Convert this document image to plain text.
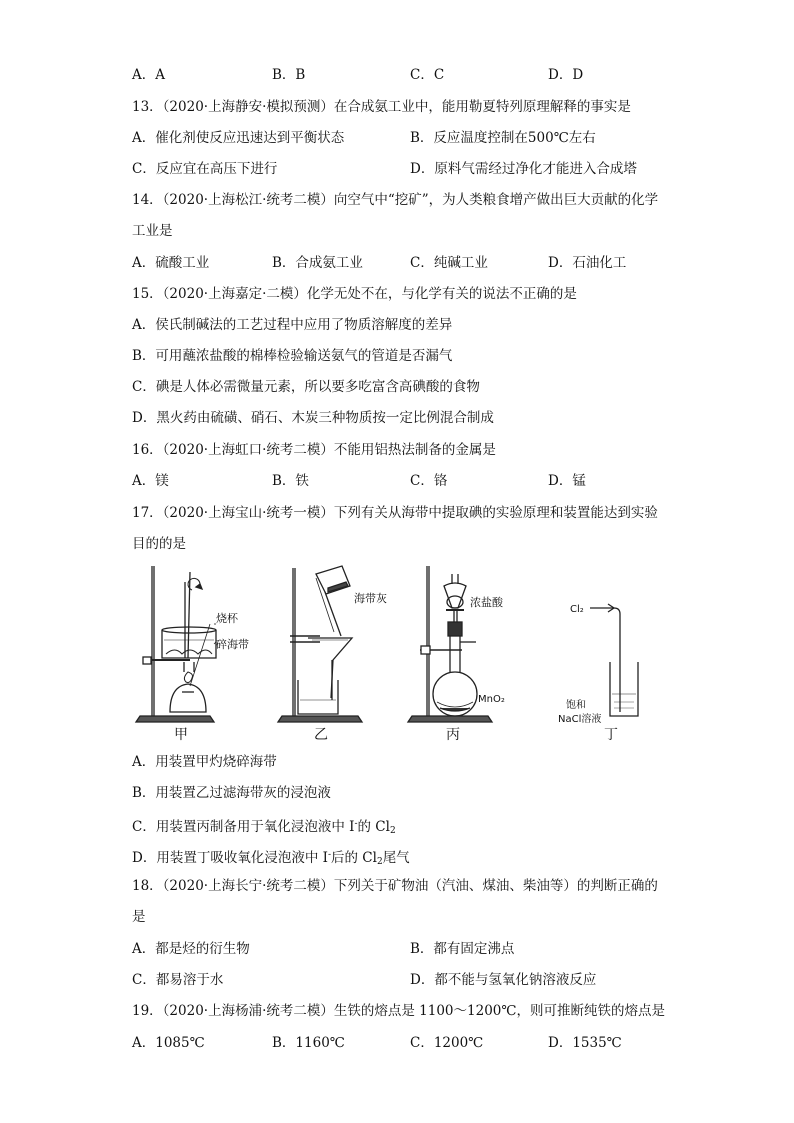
A．A	B．B	C．C	D．D
13．（2020·上海静安·模拟预测）在合成氨工业中，能用勒夏特列原理解释的事实是
A．催化剂使反应迅速达到平衡状态	B．反应温度控制在500℃左右
C．反应宜在高压下进行	D．原料气需经过净化才能进入合成塔
14．（2020·上海松江·统考二模）向空气中“挖矿”，为人类粮食增产做出巨大贡献的化学
工业是
A．硫酸工业	B．合成氨工业	C．纯碱工业	D．石油化工
15．（2020·上海嘉定·二模）化学无处不在，与化学有关的说法不正确的是
A．侯氏制碱法的工艺过程中应用了物质溶解度的差异
B．可用蘸浓盐酸的棉棒检验输送氨气的管道是否漏气
C．碘是人体必需微量元素，所以要多吃富含高碘酸的食物
D．黑火药由硫磺、硝石、木炭三种物质按一定比例混合制成
16．（2020·上海虹口·统考二模）不能用铝热法制备的金属是
A．镁	B．铁	C．铬	D．锰
17．（2020·上海宝山·统考一模）下列有关从海带中提取碘的实验原理和装置能达到实验
目的的是
烧杯
碎海带
海带灰	浓盐酸
MnO₂
Cl₂
饱和
NaCl溶液
甲	乙	丙	丁
A．用装置甲灼烧碎海带
B．用装置乙过滤海带灰的浸泡液
C．用装置丙制备用于氧化浸泡液中 I-的 $Cl_2$
D．用装置丁吸收氧化浸泡液中 I-后的 $Cl_2$尾气
18．（2020·上海长宁·统考二模）下列关于矿物油（汽油、煤油、柴油等）的判断正确的
是
A．都是烃的衍生物	B．都有固定沸点
C．都易溶于水	D．都不能与氢氧化钠溶液反应
19．（2020·上海杨浦·统考二模）生铁的熔点是 1100～1200℃，则可推断纯铁的熔点是
A．1085℃	B．1160℃	C．1200℃	D．1535℃
